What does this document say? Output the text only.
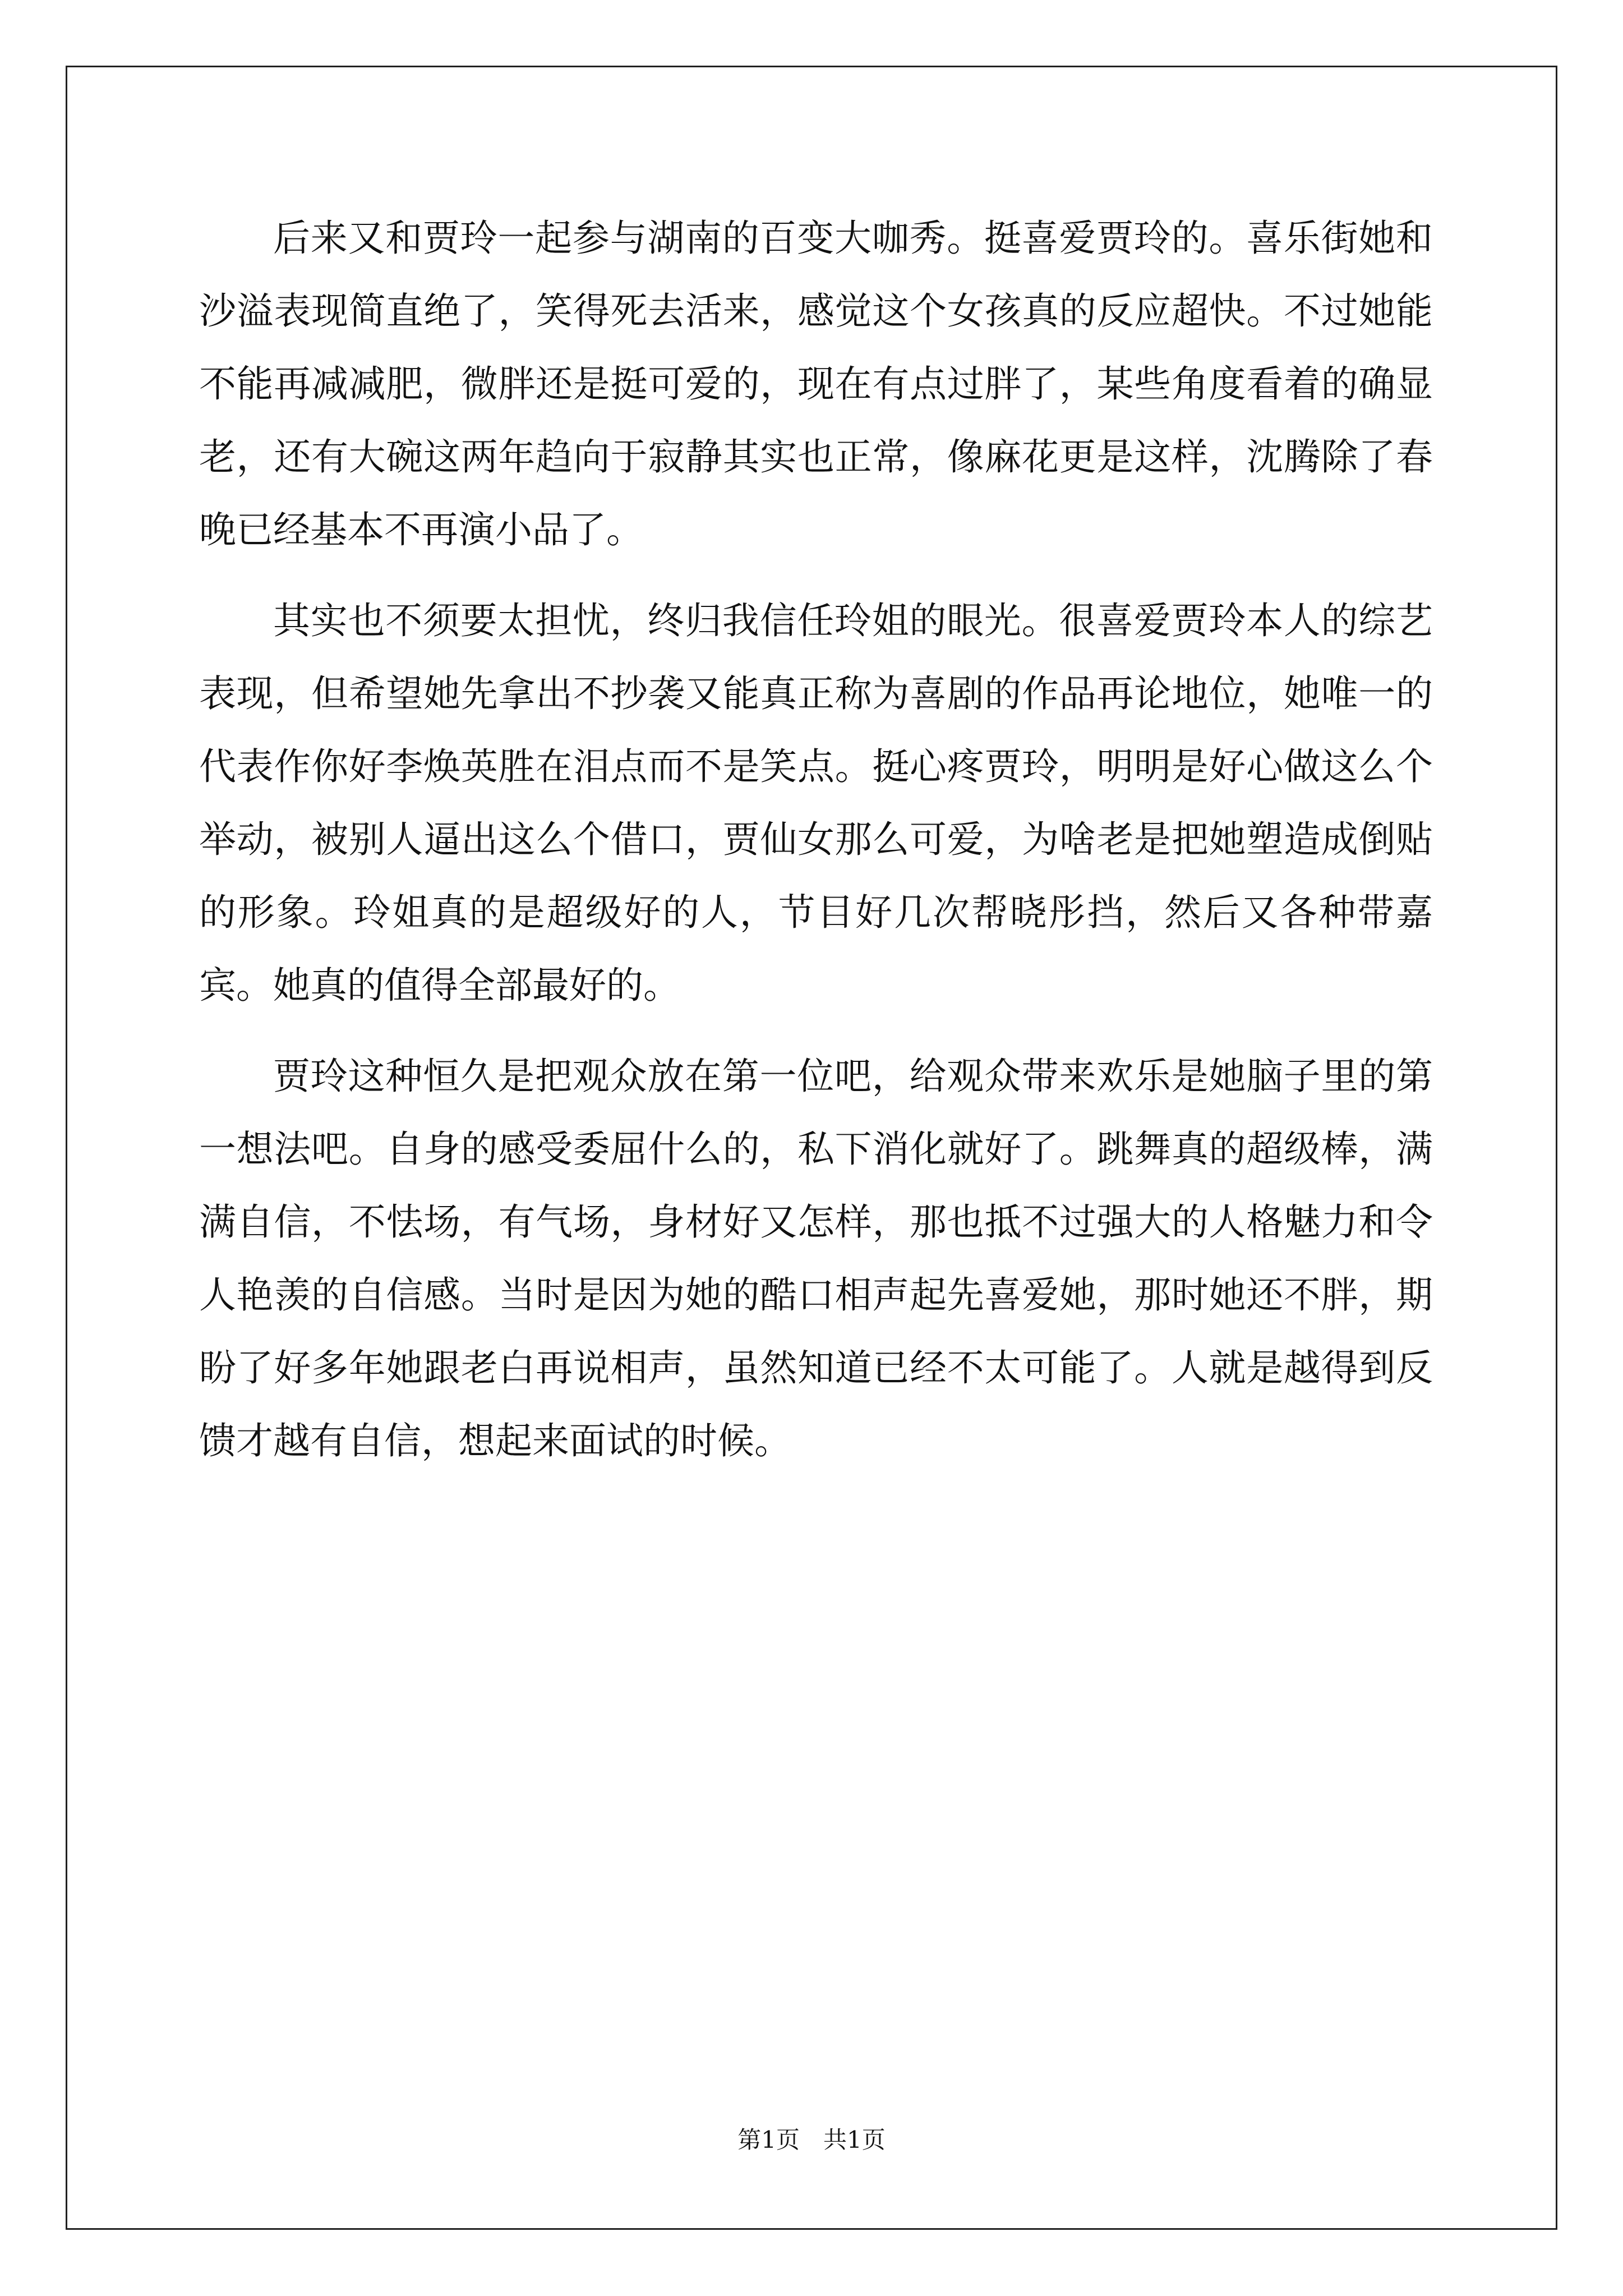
后来又和贾玲一起参与湖南的百变大咖秀。挺喜爱贾玲的。喜乐街她和沙溢表现简直绝了，笑得死去活来，感觉这个女孩真的反应超快。不过她能不能再减减肥，微胖还是挺可爱的，现在有点过胖了，某些角度看着的确显老，还有大碗这两年趋向于寂静其实也正常，像麻花更是这样，沈腾除了春晚已经基本不再演小品了。

其实也不须要太担忧，终归我信任玲姐的眼光。很喜爱贾玲本人的综艺表现，但希望她先拿出不抄袭又能真正称为喜剧的作品再论地位，她唯一的代表作你好李焕英胜在泪点而不是笑点。挺心疼贾玲，明明是好心做这么个举动，被别人逼出这么个借口，贾仙女那么可爱，为啥老是把她塑造成倒贴的形象。玲姐真的是超级好的人，节目好几次帮晓彤挡，然后又各种带嘉宾。她真的值得全部最好的。

贾玲这种恒久是把观众放在第一位吧，给观众带来欢乐是她脑子里的第一想法吧。自身的感受委屈什么的，私下消化就好了。跳舞真的超级棒，满满自信，不怯场，有气场，身材好又怎样，那也抵不过强大的人格魅力和令人艳羡的自信感。当时是因为她的酷口相声起先喜爱她，那时她还不胖，期盼了好多年她跟老白再说相声，虽然知道已经不太可能了。人就是越得到反馈才越有自信，想起来面试的时候。

第1页 共1页
